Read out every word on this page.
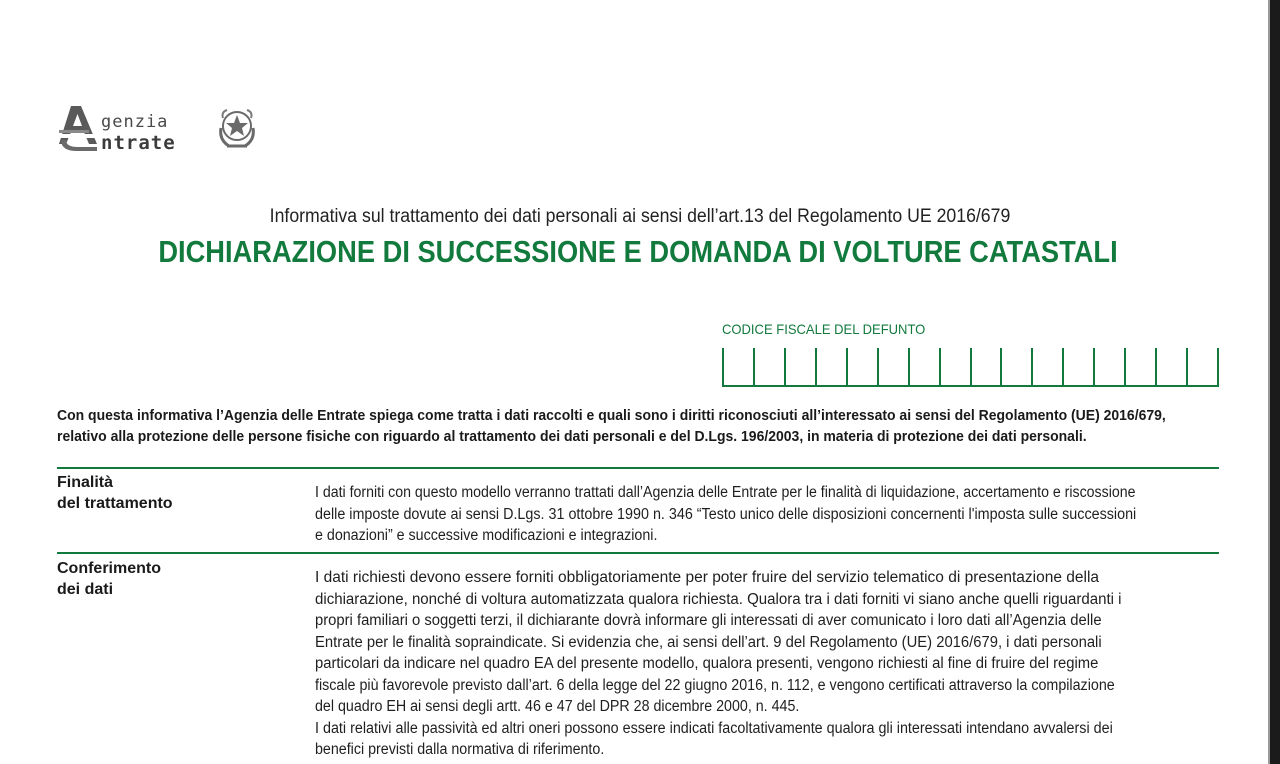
genzia
ntrate
Informativa sul trattamento dei dati personali ai sensi dell’art.13 del Regolamento UE 2016/679
DICHIARAZIONE DI SUCCESSIONE E DOMANDA DI VOLTURE CATASTALI
CODICE FISCALE DEL DEFUNTO
Con questa informativa l’Agenzia delle Entrate spiega come tratta i dati raccolti e quali sono i diritti riconosciuti all’interessato ai sensi del Regolamento (UE) 2016/679,
relativo alla protezione delle persone fisiche con riguardo al trattamento dei dati personali e del D.Lgs. 196/2003, in materia di protezione dei dati personali.
Finalità
del trattamento
I dati forniti con questo modello verranno trattati dall’Agenzia delle Entrate per le finalità di liquidazione, accertamento e riscossione
delle imposte dovute ai sensi D.Lgs. 31 ottobre 1990 n. 346 “Testo unico delle disposizioni concernenti l'imposta sulle successioni
e donazioni” e successive modificazioni e integrazioni.
Conferimento
dei dati
I dati richiesti devono essere forniti obbligatoriamente per poter fruire del servizio telematico di presentazione della
dichiarazione, nonché di voltura automatizzata qualora richiesta. Qualora tra i dati forniti vi siano anche quelli riguardanti i
propri familiari o soggetti terzi, il dichiarante dovrà informare gli interessati di aver comunicato i loro dati all’Agenzia delle
Entrate per le finalità sopraindicate. Si evidenzia che, ai sensi dell’art. 9 del Regolamento (UE) 2016/679, i dati personali
particolari da indicare nel quadro EA del presente modello, qualora presenti, vengono richiesti al fine di fruire del regime
fiscale più favorevole previsto dall’art. 6 della legge del 22 giugno 2016, n. 112, e vengono certificati attraverso la compilazione
del quadro EH ai sensi degli artt. 46 e 47 del DPR 28 dicembre 2000, n. 445.
I dati relativi alle passività ed altri oneri possono essere indicati facoltativamente qualora gli interessati intendano avvalersi dei
benefici previsti dalla normativa di riferimento.
